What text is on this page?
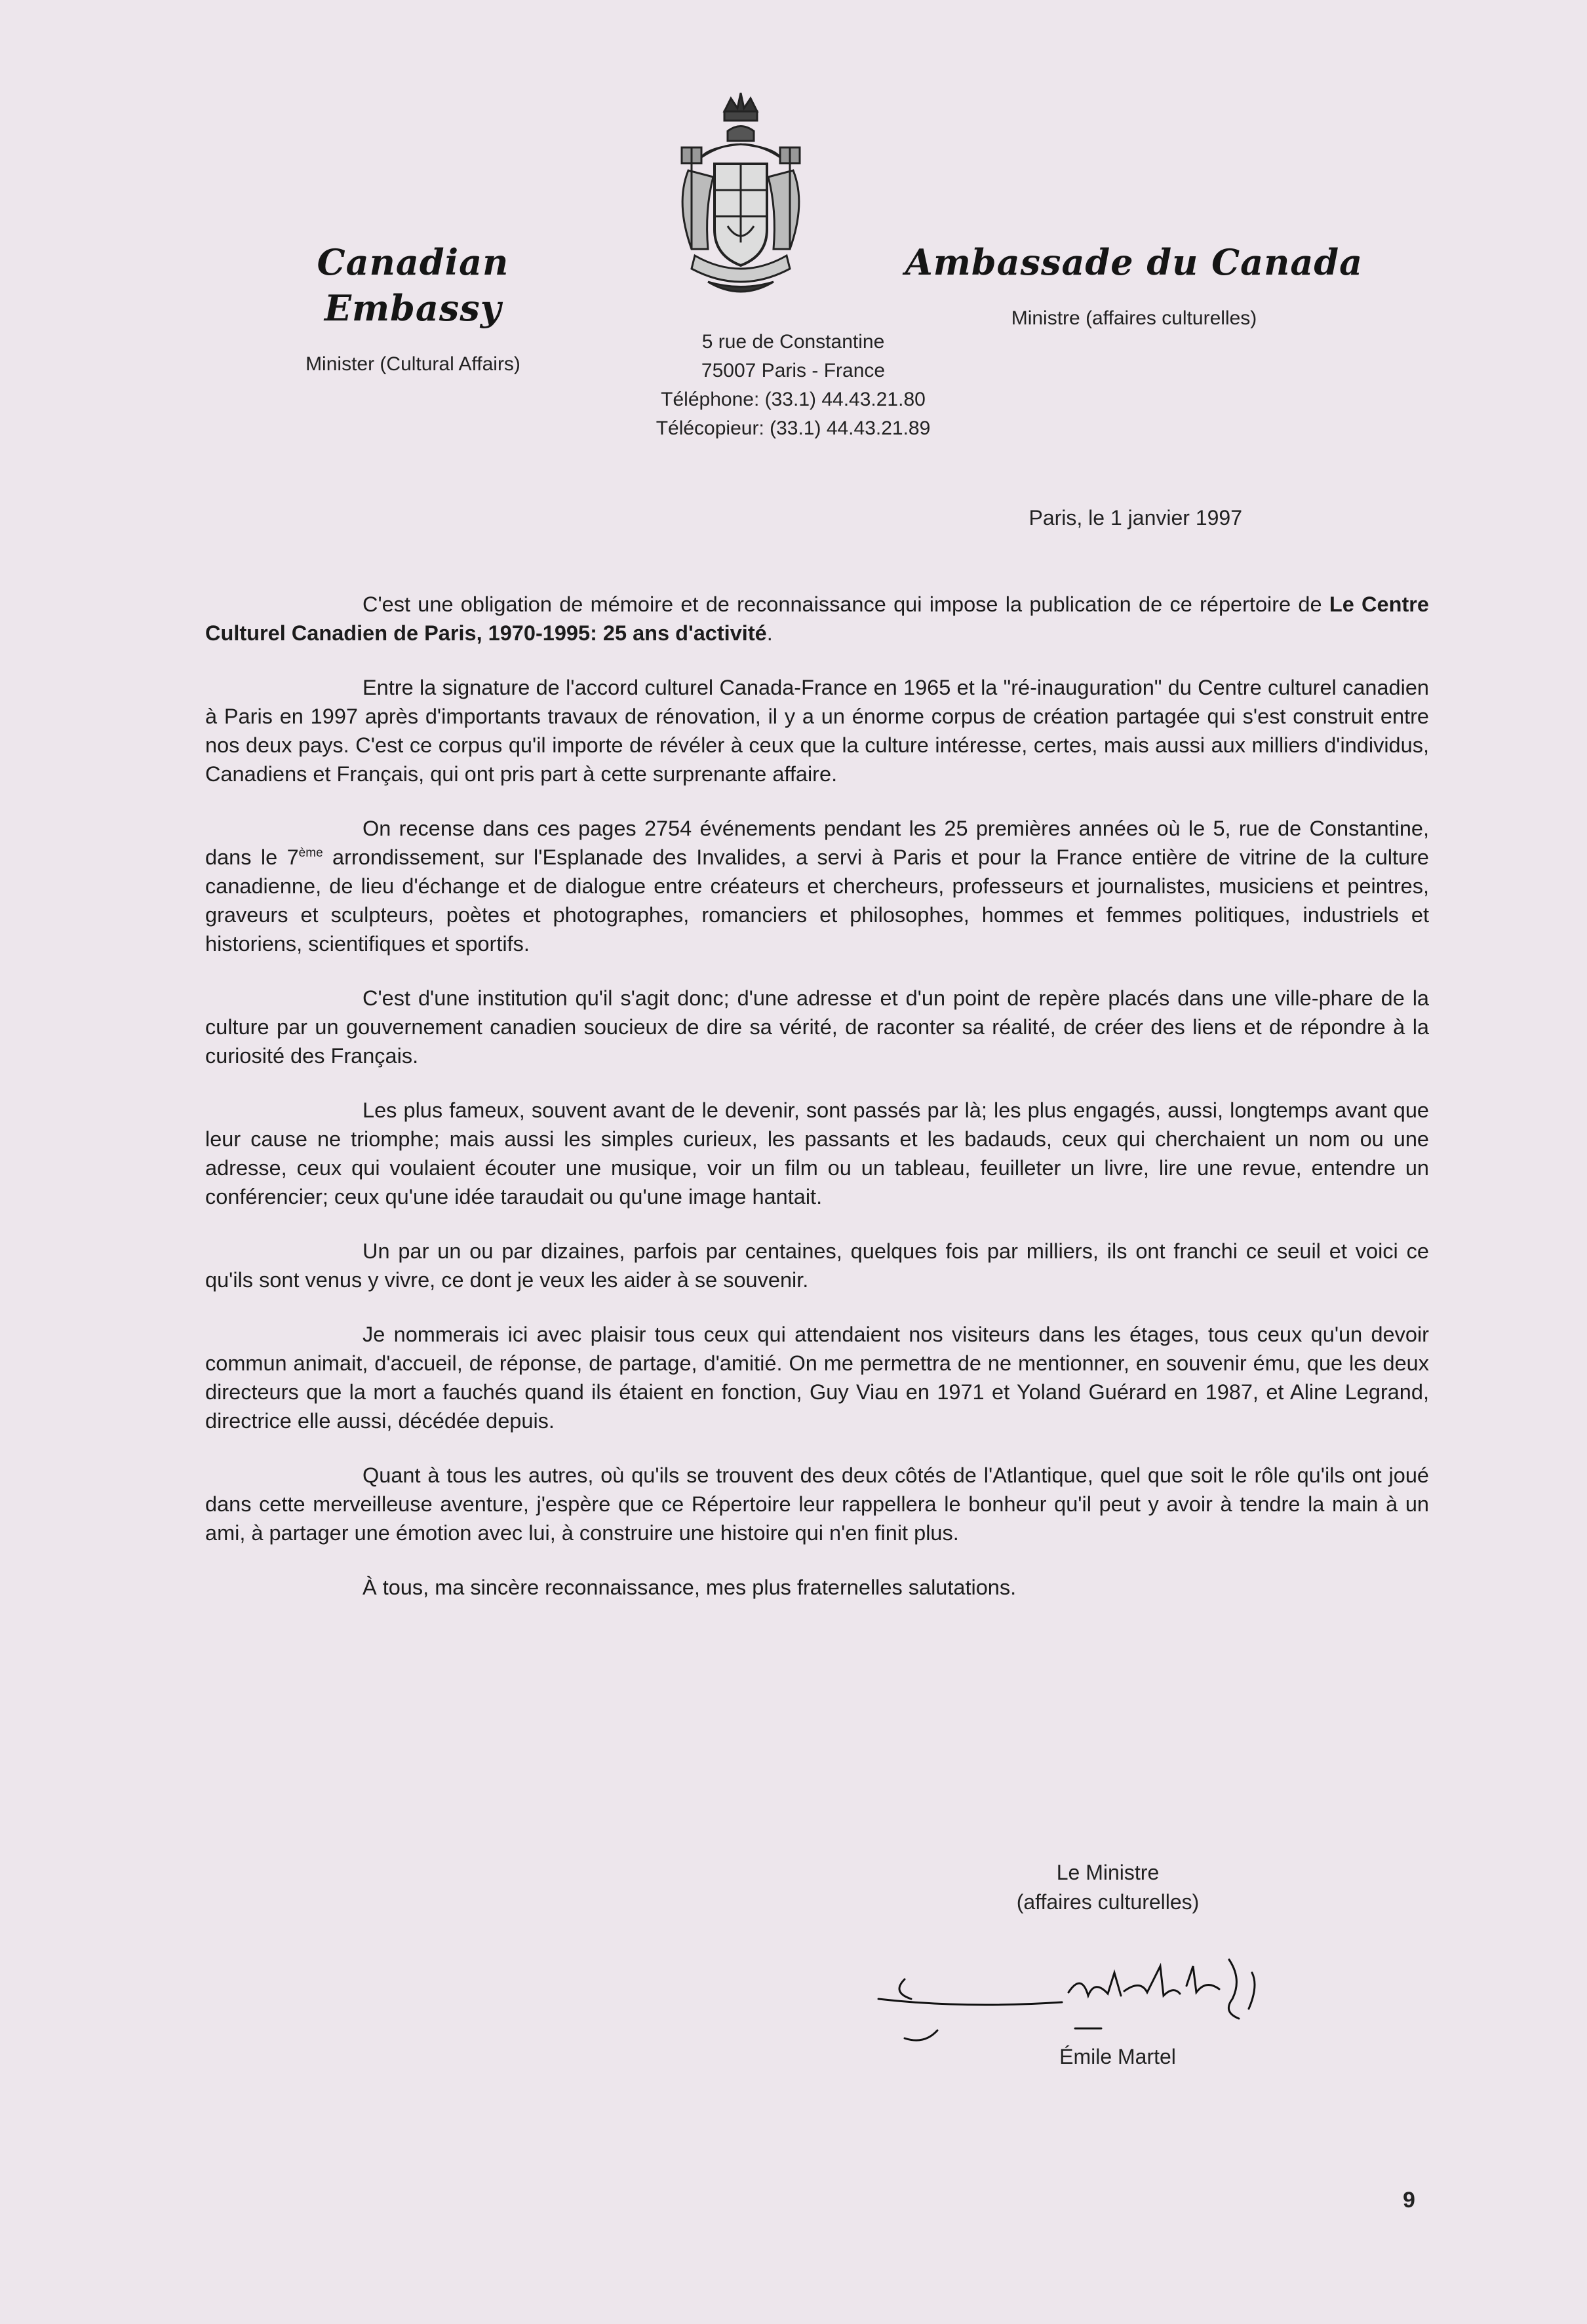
Canadian Embassy
Minister (Cultural Affairs)
Ambassade du Canada
Ministre (affaires culturelles)
5 rue de Constantine
75007 Paris - France
Téléphone: (33.1) 44.43.21.80
Télécopieur: (33.1) 44.43.21.89
Paris, le 1 janvier 1997

C'est une obligation de mémoire et de reconnaissance qui impose la publication de ce répertoire de Le Centre Culturel Canadien de Paris, 1970-1995: 25 ans d'activité.

Entre la signature de l'accord culturel Canada-France en 1965 et la "ré-inauguration" du Centre culturel canadien à Paris en 1997 après d'importants travaux de rénovation, il y a un énorme corpus de création partagée qui s'est construit entre nos deux pays. C'est ce corpus qu'il importe de révéler à ceux que la culture intéresse, certes, mais aussi aux milliers d'individus, Canadiens et Français, qui ont pris part à cette surprenante affaire.

On recense dans ces pages 2754 événements pendant les 25 premières années où le 5, rue de Constantine, dans le 7ème arrondissement, sur l'Esplanade des Invalides, a servi à Paris et pour la France entière de vitrine de la culture canadienne, de lieu d'échange et de dialogue entre créateurs et chercheurs, professeurs et journalistes, musiciens et peintres, graveurs et sculpteurs, poètes et photographes, romanciers et philosophes, hommes et femmes politiques, industriels et historiens, scientifiques et sportifs.

C'est d'une institution qu'il s'agit donc; d'une adresse et d'un point de repère placés dans une ville-phare de la culture par un gouvernement canadien soucieux de dire sa vérité, de raconter sa réalité, de créer des liens et de répondre à la curiosité des Français.

Les plus fameux, souvent avant de le devenir, sont passés par là; les plus engagés, aussi, longtemps avant que leur cause ne triomphe; mais aussi les simples curieux, les passants et les badauds, ceux qui cherchaient un nom ou une adresse, ceux qui voulaient écouter une musique, voir un film ou un tableau, feuilleter un livre, lire une revue, entendre un conférencier; ceux qu'une idée taraudait ou qu'une image hantait.

Un par un ou par dizaines, parfois par centaines, quelques fois par milliers, ils ont franchi ce seuil et voici ce qu'ils sont venus y vivre, ce dont je veux les aider à se souvenir.

Je nommerais ici avec plaisir tous ceux qui attendaient nos visiteurs dans les étages, tous ceux qu'un devoir commun animait, d'accueil, de réponse, de partage, d'amitié. On me permettra de ne mentionner, en souvenir ému, que les deux directeurs que la mort a fauchés quand ils étaient en fonction, Guy Viau en 1971 et Yoland Guérard en 1987, et Aline Legrand, directrice elle aussi, décédée depuis.

Quant à tous les autres, où qu'ils se trouvent des deux côtés de l'Atlantique, quel que soit le rôle qu'ils ont joué dans cette merveilleuse aventure, j'espère que ce Répertoire leur rappellera le bonheur qu'il peut y avoir à tendre la main à un ami, à partager une émotion avec lui, à construire une histoire qui n'en finit plus.

À tous, ma sincère reconnaissance, mes plus fraternelles salutations.

Le Ministre
(affaires culturelles)
Émile Martel
9
